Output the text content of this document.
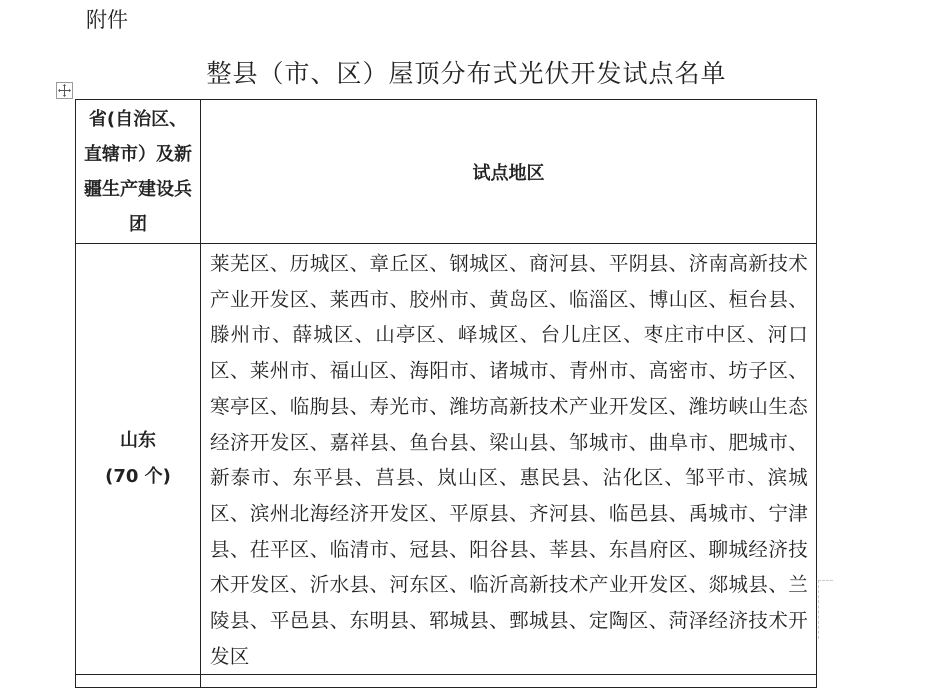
附件
整县（市、区）屋顶分布式光伏开发试点名单
省(自治区、直辖市）及新疆生产建设兵团	试点地区

山东
(70 个)	莱芜区、历城区、章丘区、钢城区、商河县、平阴县、济南高新技术产业开发区、莱西市、胶州市、黄岛区、临淄区、博山区、桓台县、滕州市、薛城区、山亭区、峄城区、台儿庄区、枣庄市中区、河口区、莱州市、福山区、海阳市、诸城市、青州市、高密市、坊子区、寒亭区、临朐县、寿光市、潍坊高新技术产业开发区、潍坊峡山生态经济开发区、嘉祥县、鱼台县、梁山县、邹城市、曲阜市、肥城市、新泰市、东平县、莒县、岚山区、惠民县、沾化区、邹平市、滨城区、滨州北海经济开发区、平原县、齐河县、临邑县、禹城市、宁津县、茌平区、临清市、冠县、阳谷县、莘县、东昌府区、聊城经济技术开发区、沂水县、河东区、临沂高新技术产业开发区、郯城县、兰陵县、平邑县、东明县、郓城县、鄄城县、定陶区、菏泽经济技术开发区
